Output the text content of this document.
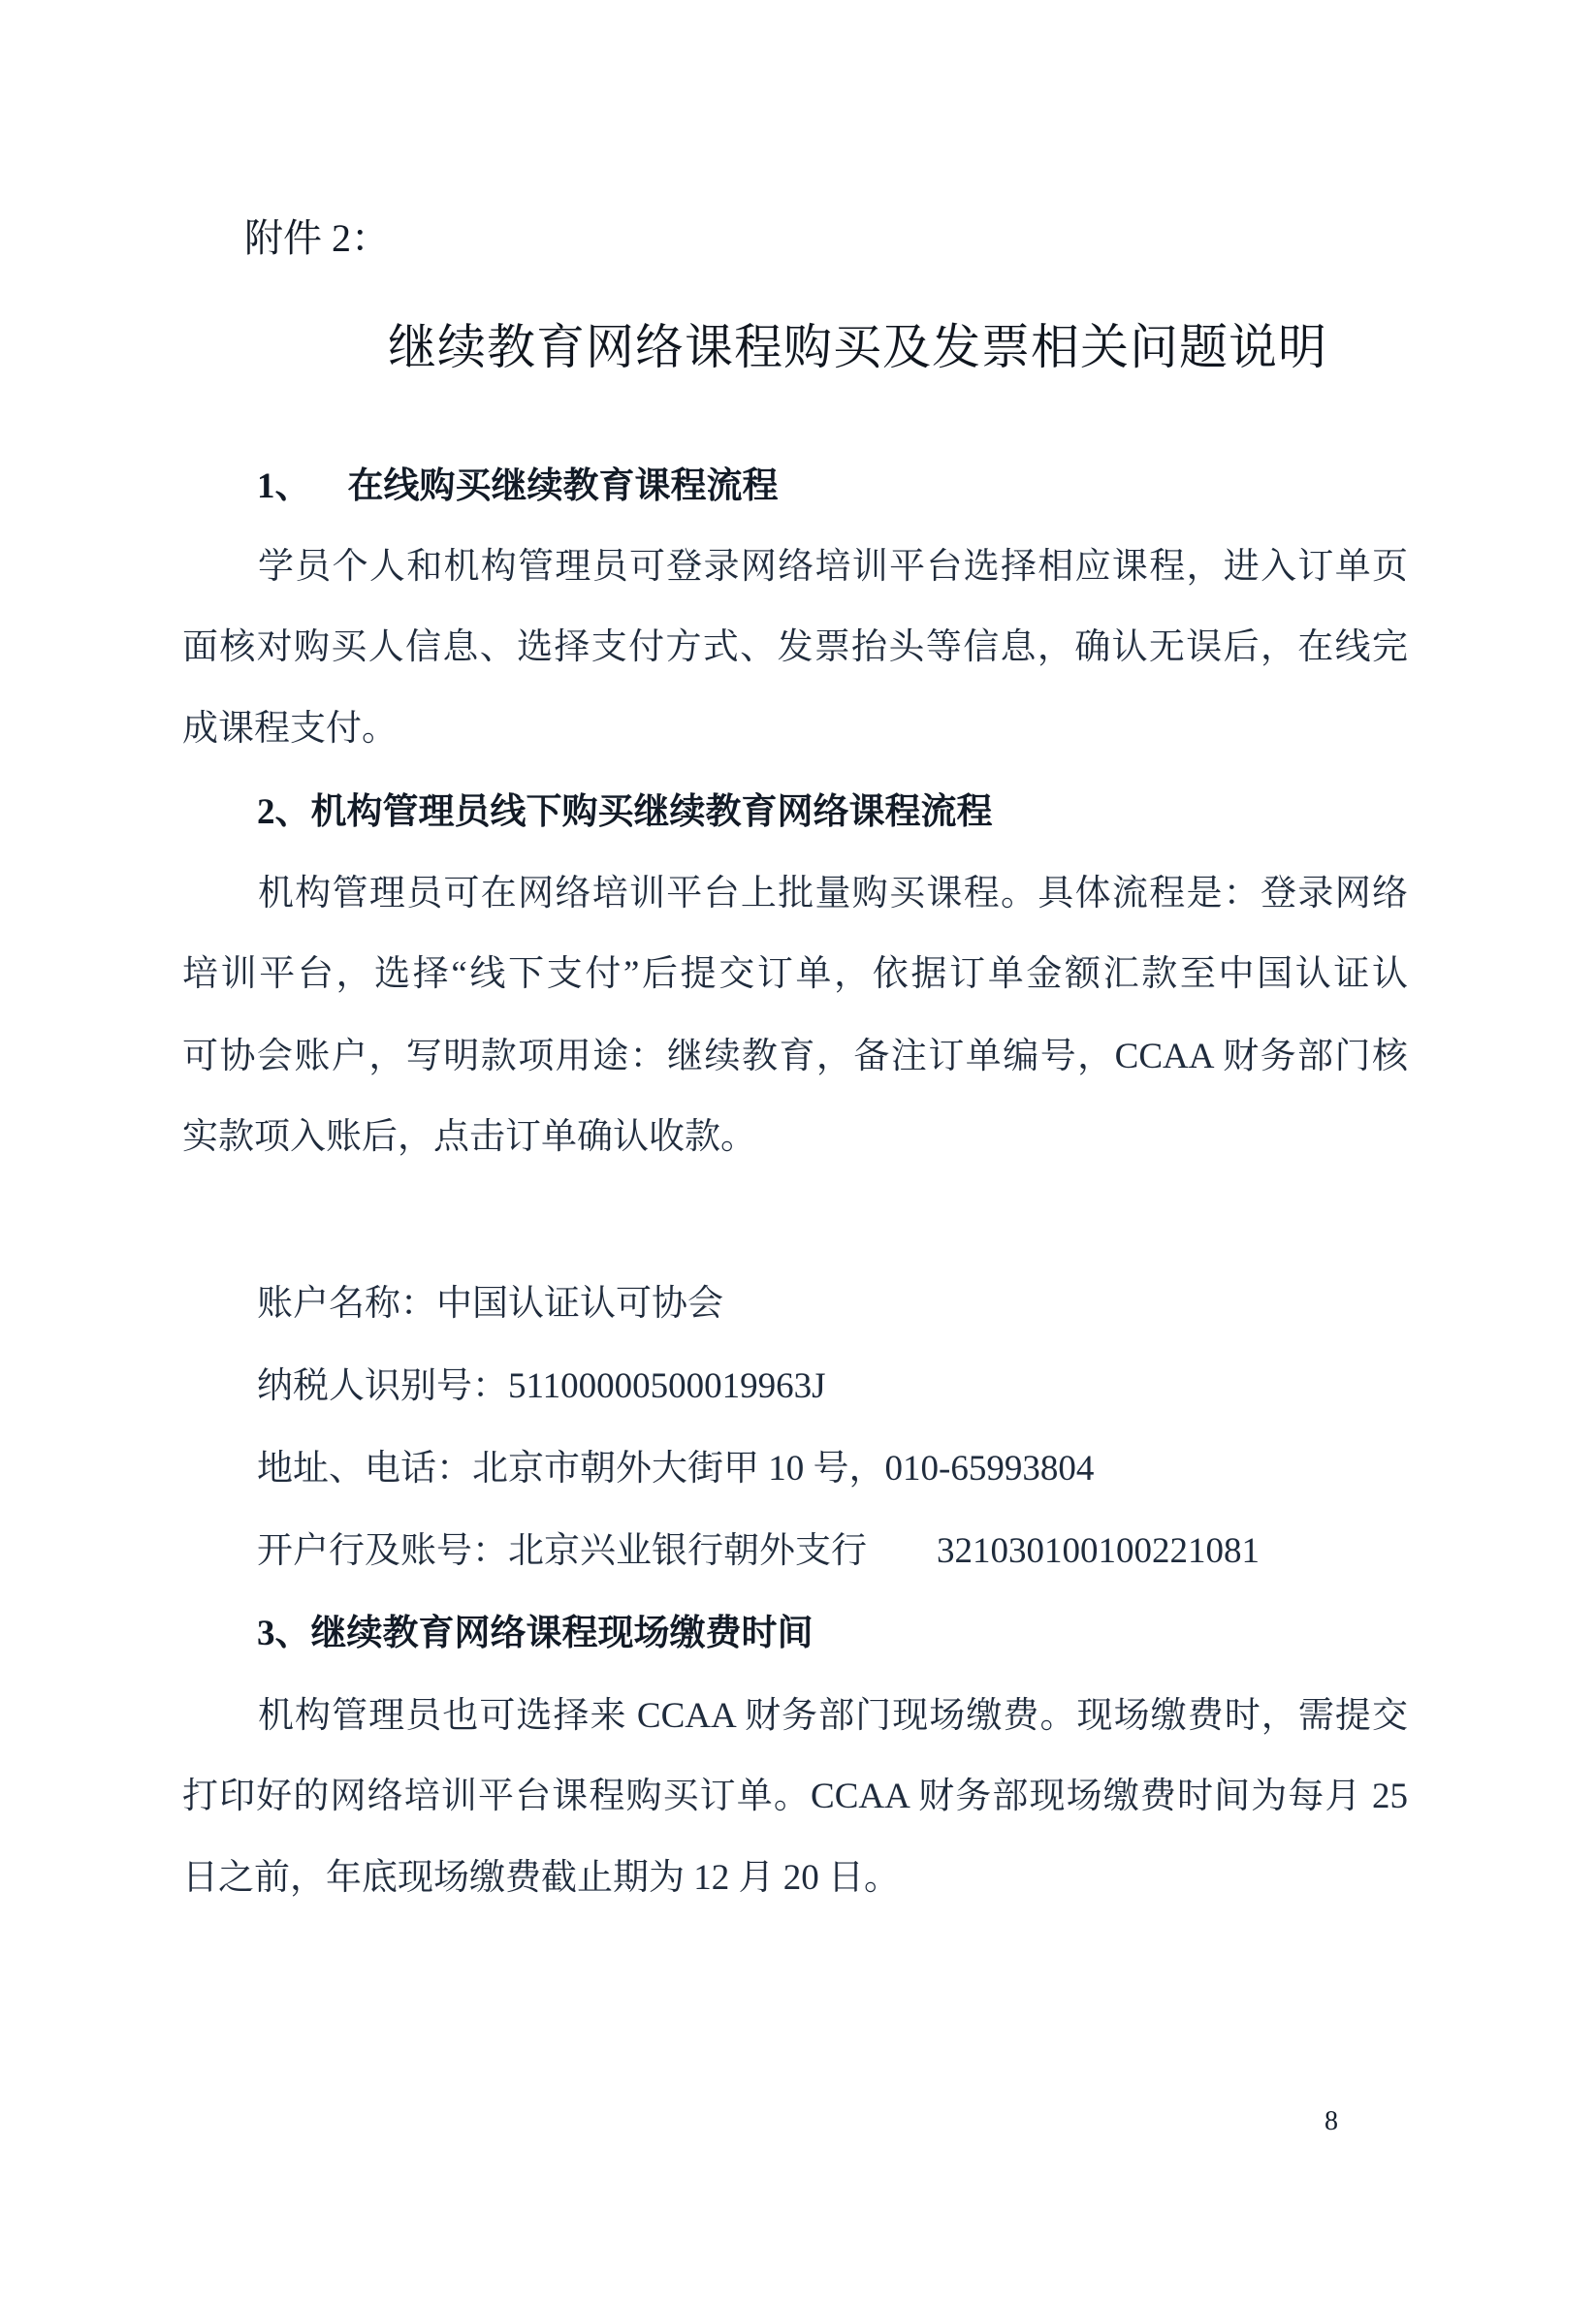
附件 2：
继续教育网络课程购买及发票相关问题说明
1、 在线购买继续教育课程流程
学员个人和机构管理员可登录网络培训平台选择相应课程，进入订单页
面核对购买人信息、选择支付方式、发票抬头等信息，确认无误后，在线完
成课程支付。
2、机构管理员线下购买继续教育网络课程流程
机构管理员可在网络培训平台上批量购买课程。具体流程是：登录网络
培训平台，选择“线下支付”后提交订单，依据订单金额汇款至中国认证认
可协会账户，写明款项用途：继续教育，备注订单编号，CCAA 财务部门核
实款项入账后，点击订单确认收款。
账户名称：中国认证认可协会
纳税人识别号：51100000500019963J
地址、电话：北京市朝外大街甲 10 号，010-65993804
开户行及账号：北京兴业银行朝外支行 321030100100221081
3、继续教育网络课程现场缴费时间
机构管理员也可选择来 CCAA 财务部门现场缴费。现场缴费时，需提交
打印好的网络培训平台课程购买订单。CCAA 财务部现场缴费时间为每月 25
日之前，年底现场缴费截止期为 12 月 20 日。
8
